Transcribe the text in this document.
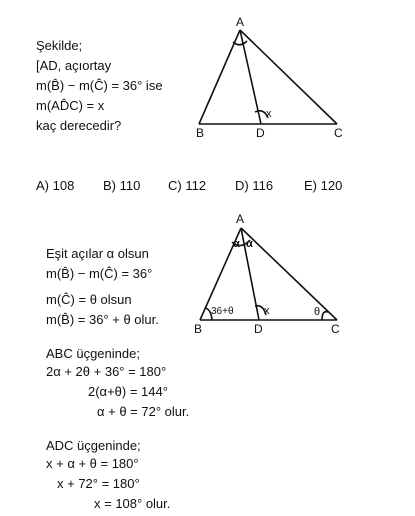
Şekilde;
[AD, açıortay
m(B̂) − m(Ĉ) = 36° ise
m(AD̂C) = x
kaç derecedir?
A
B	D	C
x
A) 108 B) 110 C) 112 D) 116 E) 120
Eşit açılar α olsun
m(B̂) − m(Ĉ) = 36°
m(Ĉ) = θ olsun
m(B̂) = 36° + θ olur.
ABC üçgeninde;
2α + 2θ + 36° = 180°
2(α+θ) = 144°
α + θ = 72° olur.
ADC üçgeninde;
x + α + θ = 180°
x + 72° = 180°
x = 108° olur.
A
α α
36+θ	x	θ
B	D	C
